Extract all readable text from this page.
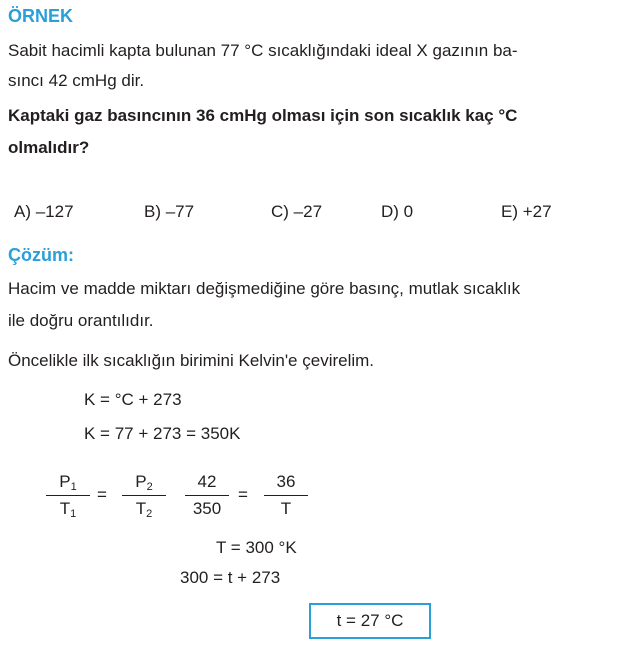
ÖRNEK
Sabit hacimli kapta bulunan 77 °C sıcaklığındaki ideal X gazının ba-
sıncı 42 cmHg dir.
Kaptaki gaz basıncının 36 cmHg olması için son sıcaklık kaç °C
olmalıdır?
A) –127	B) –77	C) –27	D) 0	E) +27
Çözüm:
Hacim ve madde miktarı değişmediğine göre basınç, mutlak sıcaklık
ile doğru orantılıdır.
Öncelikle ilk sıcaklığın birimini Kelvin'e çevirelim.
K = °C + 273
K = 77 + 273 = 350K
$P_1$
$T_1$
=
$P_2$
$T_2$
42
350
=
36
T
T = 300 °K
300 = t + 273
t = 27 °C
